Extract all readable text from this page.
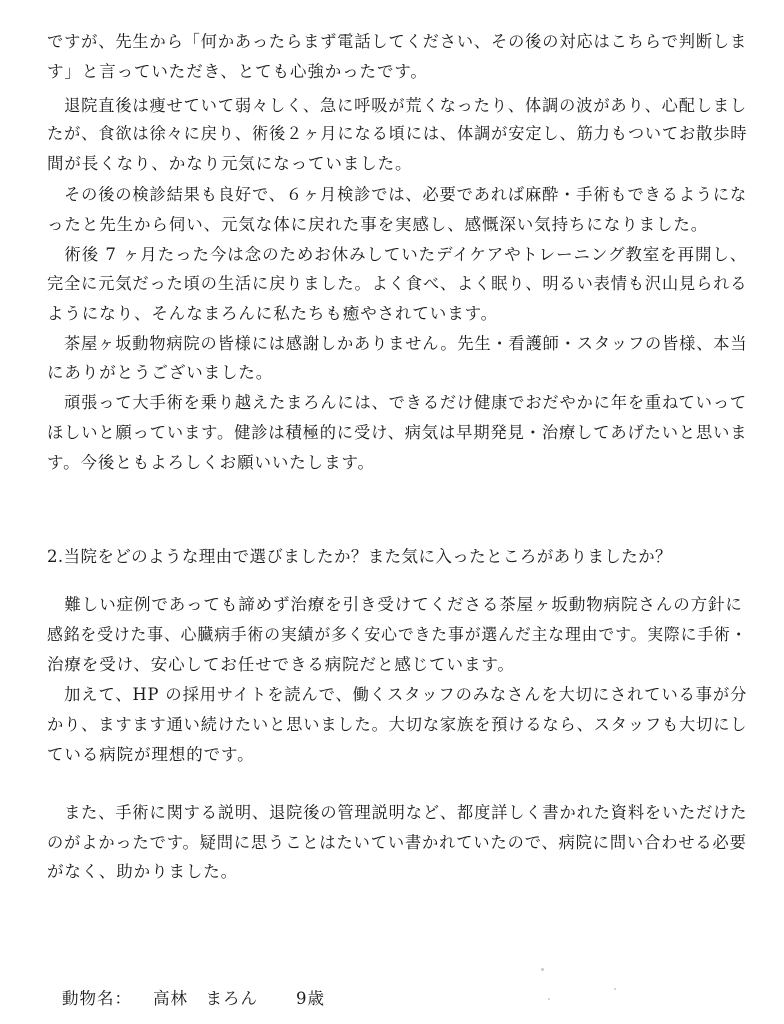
ですが、先生から「何かあったらまず電話してください、その後の対応はこちらで判断しま
す」と言っていただき、とても心強かったです。
　退院直後は痩せていて弱々しく、急に呼吸が荒くなったり、体調の波があり、心配しまし
たが、食欲は徐々に戻り、術後２ヶ月になる頃には、体調が安定し、筋力もついてお散歩時
間が長くなり、かなり元気になっていました。
　その後の検診結果も良好で、６ヶ月検診では、必要であれば麻酔・手術もできるようにな
ったと先生から伺い、元気な体に戻れた事を実感し、感慨深い気持ちになりました。
　術後 7 ヶ月たった今は念のためお休みしていたデイケアやトレーニング教室を再開し、
完全に元気だった頃の生活に戻りました。よく食べ、よく眠り、明るい表情も沢山見られる
ようになり、そんなまろんに私たちも癒やされています。
　茶屋ヶ坂動物病院の皆様には感謝しかありません。先生・看護師・スタッフの皆様、本当
にありがとうございました。
　頑張って大手術を乗り越えたまろんには、できるだけ健康でおだやかに年を重ねていって
ほしいと願っています。健診は積極的に受け、病気は早期発見・治療してあげたいと思いま
す。今後ともよろしくお願いいたします。
2.当院をどのような理由で選びましたか？また気に入ったところがありましたか？
　難しい症例であっても諦めず治療を引き受けてくださる茶屋ヶ坂動物病院さんの方針に
感銘を受けた事、心臓病手術の実績が多く安心できた事が選んだ主な理由です。実際に手術・
治療を受け、安心してお任せできる病院だと感じています。
　加えて、HP の採用サイトを読んで、働くスタッフのみなさんを大切にされている事が分
かり、ますます通い続けたいと思いました。大切な家族を預けるなら、スタッフも大切にし
ている病院が理想的です。
　また、手術に関する説明、退院後の管理説明など、都度詳しく書かれた資料をいただけた
のがよかったです。疑問に思うことはたいてい書かれていたので、病院に問い合わせる必要
がなく、助かりました。
動物名： 高林　まろん 9歳
